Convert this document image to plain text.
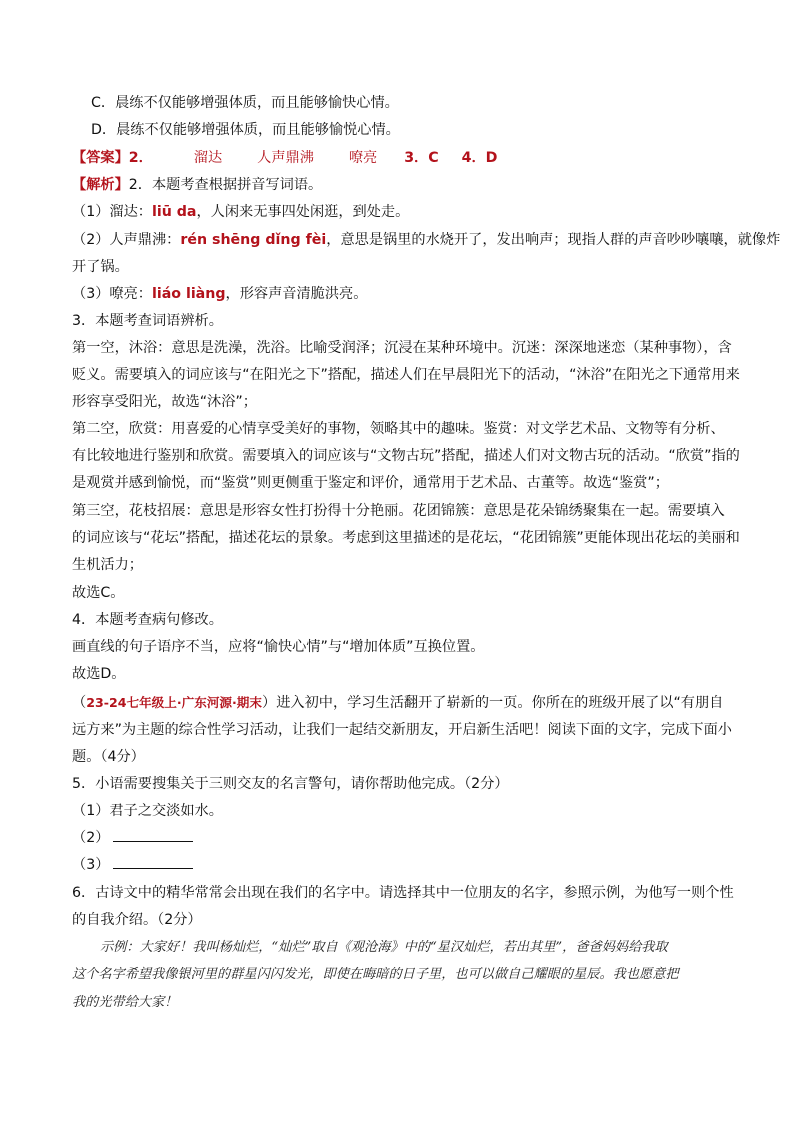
C．晨练不仅能够增强体质，而且能够愉快心情。
D．晨练不仅能够增强体质，而且能够愉悦心情。
【答案】2．	溜达 人声鼎沸 嘹亮 3．C 4．D
【解析】2．本题考查根据拼音写词语。
（1）溜达：liū da，人闲来无事四处闲逛，到处走。
（2）人声鼎沸：rén shēng dǐng fèi，意思是锅里的水烧开了，发出响声；现指人群的声音吵吵嚷嚷，就像炸
开了锅。
（3）嘹亮：liáo liàng，形容声音清脆洪亮。
3．本题考查词语辨析。
第一空，沐浴：意思是洗澡，洗浴。比喻受润泽；沉浸在某种环境中。沉迷：深深地迷恋（某种事物），含
贬义。需要填入的词应该与“在阳光之下”搭配，描述人们在早晨阳光下的活动，“沐浴”在阳光之下通常用来
形容享受阳光，故选“沐浴”；
第二空，欣赏：用喜爱的心情享受美好的事物，领略其中的趣味。鉴赏：对文学艺术品、文物等有分析、
有比较地进行鉴别和欣赏。需要填入的词应该与“文物古玩”搭配，描述人们对文物古玩的活动。“欣赏”指的
是观赏并感到愉悦，而“鉴赏”则更侧重于鉴定和评价，通常用于艺术品、古董等。故选“鉴赏”；
第三空，花枝招展：意思是形容女性打扮得十分艳丽。花团锦簇：意思是花朵锦绣聚集在一起。需要填入
的词应该与“花坛”搭配，描述花坛的景象。考虑到这里描述的是花坛，“花团锦簇”更能体现出花坛的美丽和
生机活力；
故选C。
4．本题考查病句修改。
画直线的句子语序不当，应将“愉快心情”与“增加体质”互换位置。
故选D。
（23-24七年级上·广东河源·期末）进入初中，学习生活翻开了崭新的一页。你所在的班级开展了以“有朋自
远方来”为主题的综合性学习活动，让我们一起结交新朋友，开启新生活吧！阅读下面的文字，完成下面小
题。（4分）
5．小语需要搜集关于三则交友的名言警句，请你帮助他完成。（2分）
（1）君子之交淡如水。
（2）
（3）
6．古诗文中的精华常常会出现在我们的名字中。请选择其中一位朋友的名字，参照示例，为他写一则个性
的自我介绍。（2分）
示例：大家好！我叫杨灿烂，“灿烂”取自《观沧海》中的“星汉灿烂，若出其里”，爸爸妈妈给我取
这个名字希望我像银河里的群星闪闪发光，即使在晦暗的日子里，也可以做自己耀眼的星辰。我也愿意把
我的光带给大家！
